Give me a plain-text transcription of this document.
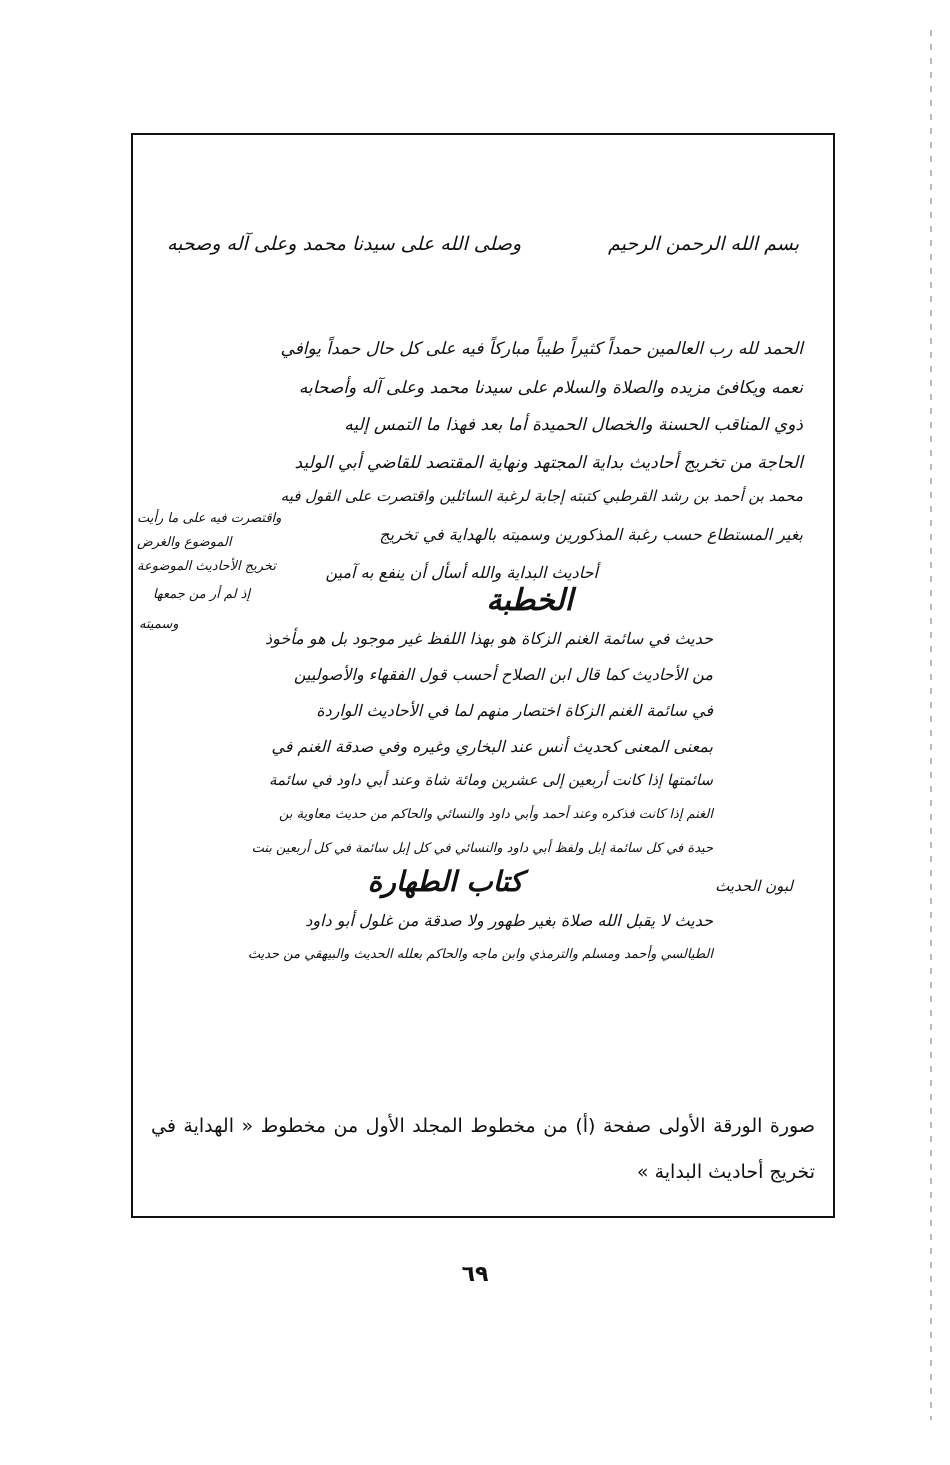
بسم الله الرحمن الرحيم
وصلى الله على سيدنا محمد وعلى آله وصحبه
الحمد لله رب العالمين حمداً كثيراً طيباً مباركاً فيه على كل حال حمداً يوافي
نعمه ويكافئ مزيده والصلاة والسلام على سيدنا محمد وعلى آله وأصحابه
ذوي المناقب الحسنة والخصال الحميدة أما بعد فهذا ما التمس إليه
الحاجة من تخريج أحاديث بداية المجتهد ونهاية المقتصد للقاضي أبي الوليد
محمد بن أحمد بن رشد القرطبي كتبته إجابة لرغبة السائلين واقتصرت على القول فيه
بغير المستطاع حسب رغبة المذكورين وسميته بالهداية في تخريج
أحاديث البداية والله أسأل أن ينفع به آمين
واقتصرت فيه على ما رأيت
الموضوع والغرض
تخريج الأحاديث الموضوعة
إذ لم أر من جمعها
وسميته
الخطبة
حديث في سائمة الغنم الزكاة هو بهذا اللفظ غير موجود بل هو مأخوذ
من الأحاديث كما قال ابن الصلاح أحسب قول الفقهاء والأصوليين
في سائمة الغنم الزكاة اختصار منهم لما في الأحاديث الواردة
بمعنى المعنى كحديث أنس عند البخاري وغيره وفي صدقة الغنم في
سائمتها إذا كانت أربعين إلى عشرين ومائة شاة وعند أبي داود في سائمة
الغنم إذا كانت فذكره وعند أحمد وأبي داود والنسائي والحاكم من حديث معاوية بن
حيدة في كل سائمة إبل ولفظ أبي داود والنسائي في كل إبل سائمة في كل أربعين بنت
لبون الحديث
كتاب الطهارة
حديث لا يقبل الله صلاة بغير طهور ولا صدقة من غلول أبو داود
الطيالسي وأحمد ومسلم والترمذي وابن ماجه والحاكم بعلله الحديث والبيهقي من حديث
صورة الورقة الأولى صفحة (أ) من مخطوط المجلد الأول من مخطوط « الهداية في تخريج أحاديث البداية »
٦٩
